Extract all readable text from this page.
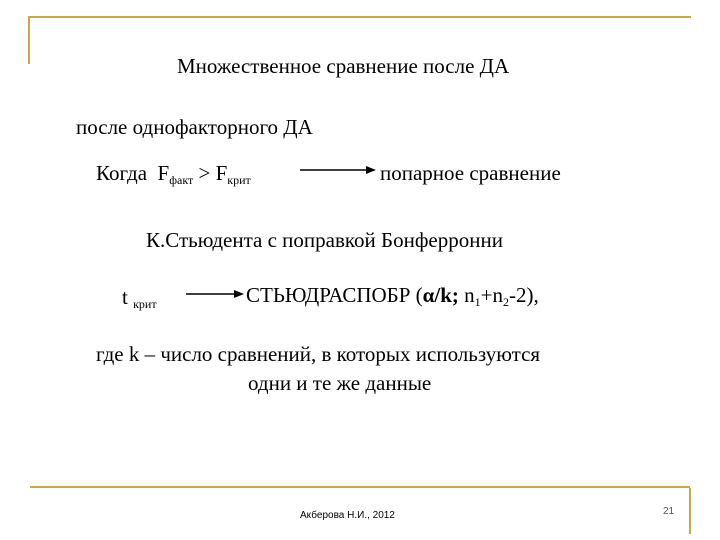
Множественное сравнение после ДА
после однофакторного ДА
Когда $F_{факт} > F_{крит}$	попарное сравнение
К.Стьюдента с поправкой Бонферронни
t $_{крит}$	СТЬЮДРАСПОБР (α/k; $n_1+n_2-2$),
где k – число сравнений, в которых используются
одни и те же данные
Акберова Н.И., 2012	21
